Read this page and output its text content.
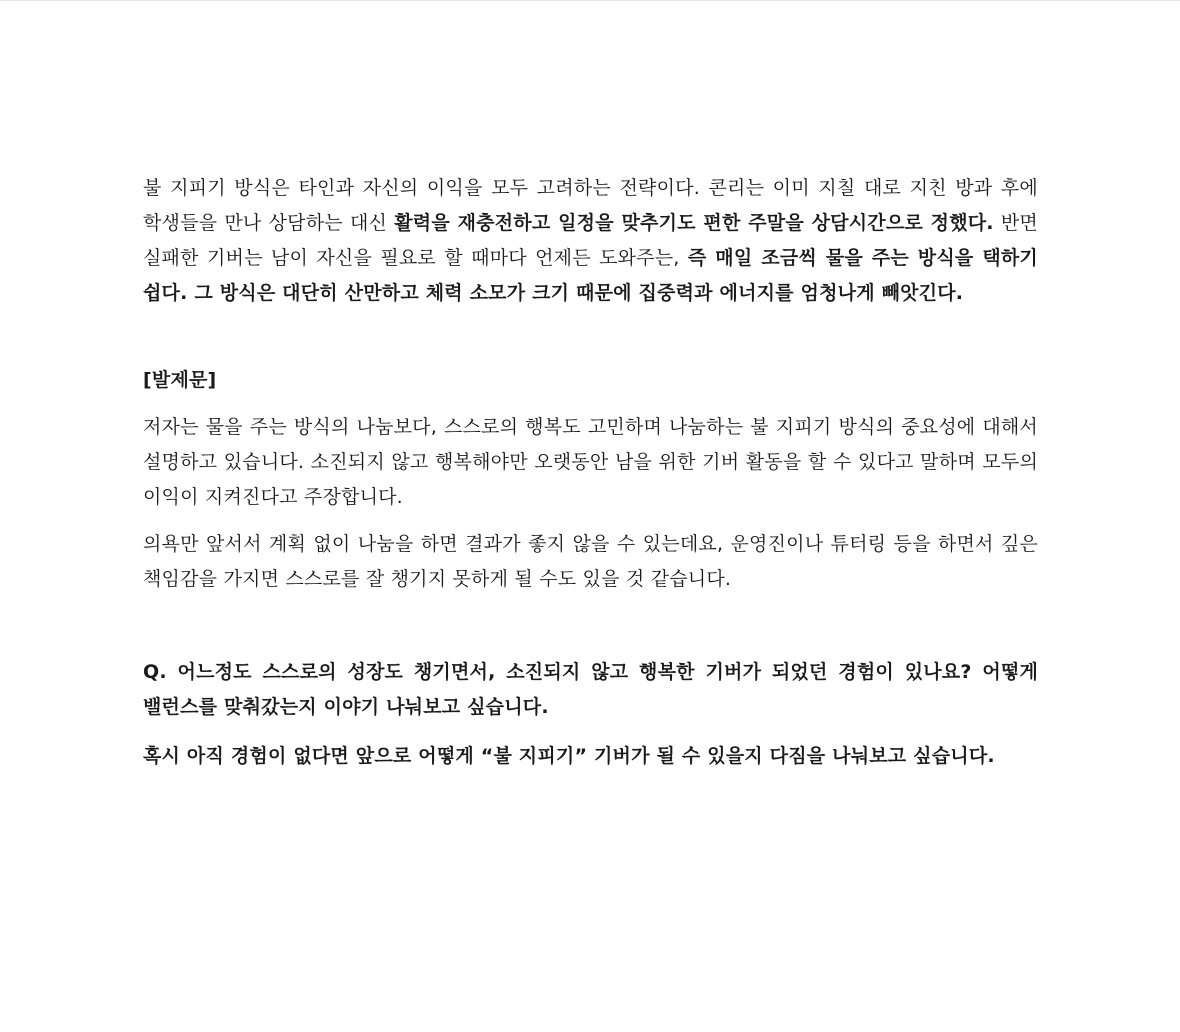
불 지피기 방식은 타인과 자신의 이익을 모두 고려하는 전략이다. 콘리는 이미 지칠 대로 지친 방과 후에 학생들을 만나 상담하는 대신 활력을 재충전하고 일정을 맞추기도 편한 주말을 상담시간으로 정했다. 반면 실패한 기버는 남이 자신을 필요로 할 때마다 언제든 도와주는, 즉 매일 조금씩 물을 주는 방식을 택하기 쉽다. 그 방식은 대단히 산만하고 체력 소모가 크기 때문에 집중력과 에너지를 엄청나게 빼앗긴다.

[발제문]

저자는 물을 주는 방식의 나눔보다, 스스로의 행복도 고민하며 나눔하는 불 지피기 방식의 중요성에 대해서 설명하고 있습니다. 소진되지 않고 행복해야만 오랫동안 남을 위한 기버 활동을 할 수 있다고 말하며 모두의 이익이 지켜진다고 주장합니다.

의욕만 앞서서 계획 없이 나눔을 하면 결과가 좋지 않을 수 있는데요, 운영진이나 튜터링 등을 하면서 깊은 책임감을 가지면 스스로를 잘 챙기지 못하게 될 수도 있을 것 같습니다.

Q. 어느정도 스스로의 성장도 챙기면서, 소진되지 않고 행복한 기버가 되었던 경험이 있나요? 어떻게 밸런스를 맞춰갔는지 이야기 나눠보고 싶습니다.

혹시 아직 경험이 없다면 앞으로 어떻게 “불 지피기” 기버가 될 수 있을지 다짐을 나눠보고 싶습니다.
